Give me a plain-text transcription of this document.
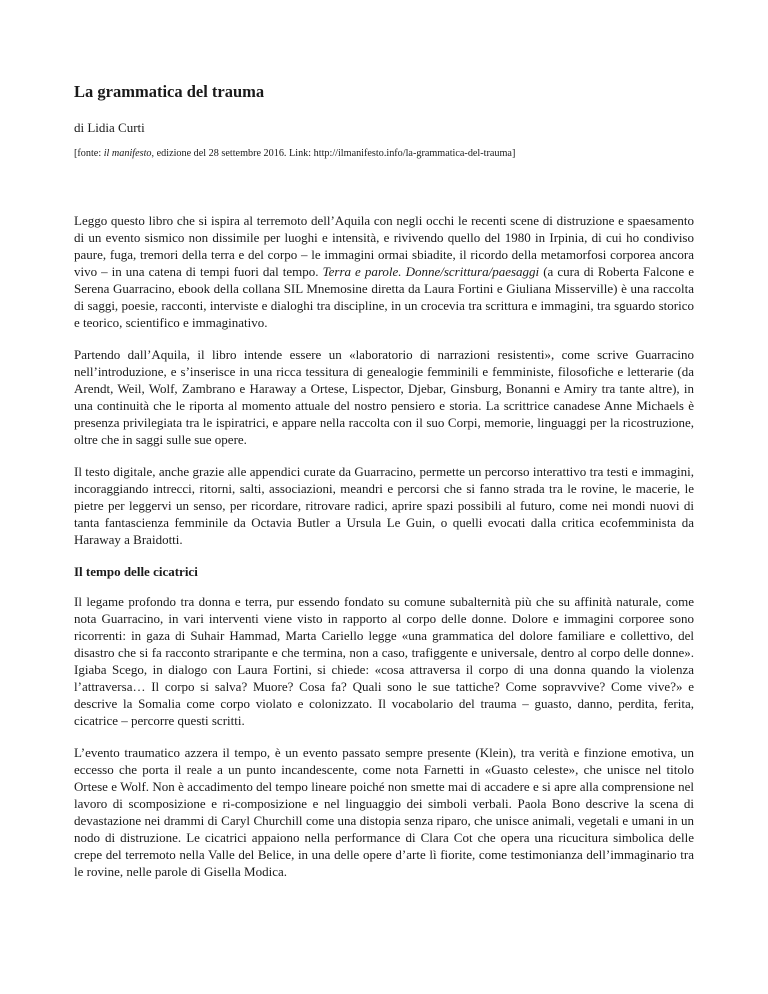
La grammatica del trauma

di Lidia Curti

[fonte: il manifesto, edizione del 28 settembre 2016. Link: http://ilmanifesto.info/la-grammatica-del-trauma]

Leggo questo libro che si ispira al terremoto dell’Aquila con negli occhi le recenti scene di distruzione e spaesamento di un evento sismico non dissimile per luoghi e intensità, e rivivendo quello del 1980 in Irpinia, di cui ho condiviso paure, fuga, tremori della terra e del corpo – le immagini ormai sbiadite, il ricordo della metamorfosi corporea ancora vivo – in una catena di tempi fuori dal tempo. Terra e parole. Donne/scrittura/paesaggi (a cura di Roberta Falcone e Serena Guarracino, ebook della collana SIL Mnemosine diretta da Laura Fortini e Giuliana Misserville) è una raccolta di saggi, poesie, racconti, interviste e dialoghi tra discipline, in un crocevia tra scrittura e immagini, tra sguardo storico e teorico, scientifico e immaginativo.

Partendo dall’Aquila, il libro intende essere un «laboratorio di narrazioni resistenti», come scrive Guarracino nell’introduzione, e s’inserisce in una ricca tessitura di genealogie femminili e femministe, filosofiche e letterarie (da Arendt, Weil, Wolf, Zambrano e Haraway a Ortese, Lispector, Djebar, Ginsburg, Bonanni e Amiry tra tante altre), in una continuità che le riporta al momento attuale del nostro pensiero e storia. La scrittrice canadese Anne Michaels è presenza privilegiata tra le ispiratrici, e appare nella raccolta con il suo Corpi, memorie, linguaggi per la ricostruzione, oltre che in saggi sulle sue opere.

Il testo digitale, anche grazie alle appendici curate da Guarracino, permette un percorso interattivo tra testi e immagini, incoraggiando intrecci, ritorni, salti, associazioni, meandri e percorsi che si fanno strada tra le rovine, le macerie, le pietre per leggervi un senso, per ricordare, ritrovare radici, aprire spazi possibili al futuro, come nei mondi nuovi di tanta fantascienza femminile da Octavia Butler a Ursula Le Guin, o quelli evocati dalla critica ecofemminista da Haraway a Braidotti.

Il tempo delle cicatrici

Il legame profondo tra donna e terra, pur essendo fondato su comune subalternità più che su affinità naturale, come nota Guarracino, in vari interventi viene visto in rapporto al corpo delle donne. Dolore e immagini corporee sono ricorrenti: in gaza di Suhair Hammad, Marta Cariello legge «una grammatica del dolore familiare e collettivo, del disastro che si fa racconto straripante e che termina, non a caso, trafiggente e universale, dentro al corpo delle donne». Igiaba Scego, in dialogo con Laura Fortini, si chiede: «cosa attraversa il corpo di una donna quando la violenza l’attraversa… Il corpo si salva? Muore? Cosa fa? Quali sono le sue tattiche? Come sopravvive? Come vive?» e descrive la Somalia come corpo violato e colonizzato. Il vocabolario del trauma – guasto, danno, perdita, ferita, cicatrice – percorre questi scritti.

L’evento traumatico azzera il tempo, è un evento passato sempre presente (Klein), tra verità e finzione emotiva, un eccesso che porta il reale a un punto incandescente, come nota Farnetti in «Guasto celeste», che unisce nel titolo Ortese e Wolf. Non è accadimento del tempo lineare poiché non smette mai di accadere e si apre alla comprensione nel lavoro di scomposizione e ri-composizione e nel linguaggio dei simboli verbali. Paola Bono descrive la scena di devastazione nei drammi di Caryl Churchill come una distopia senza riparo, che unisce animali, vegetali e umani in un nodo di distruzione. Le cicatrici appaiono nella performance di Clara Cot che opera una ricucitura simbolica delle crepe del terremoto nella Valle del Belice, in una delle opere d’arte lì fiorite, come testimonianza dell’immaginario tra le rovine, nelle parole di Gisella Modica.
